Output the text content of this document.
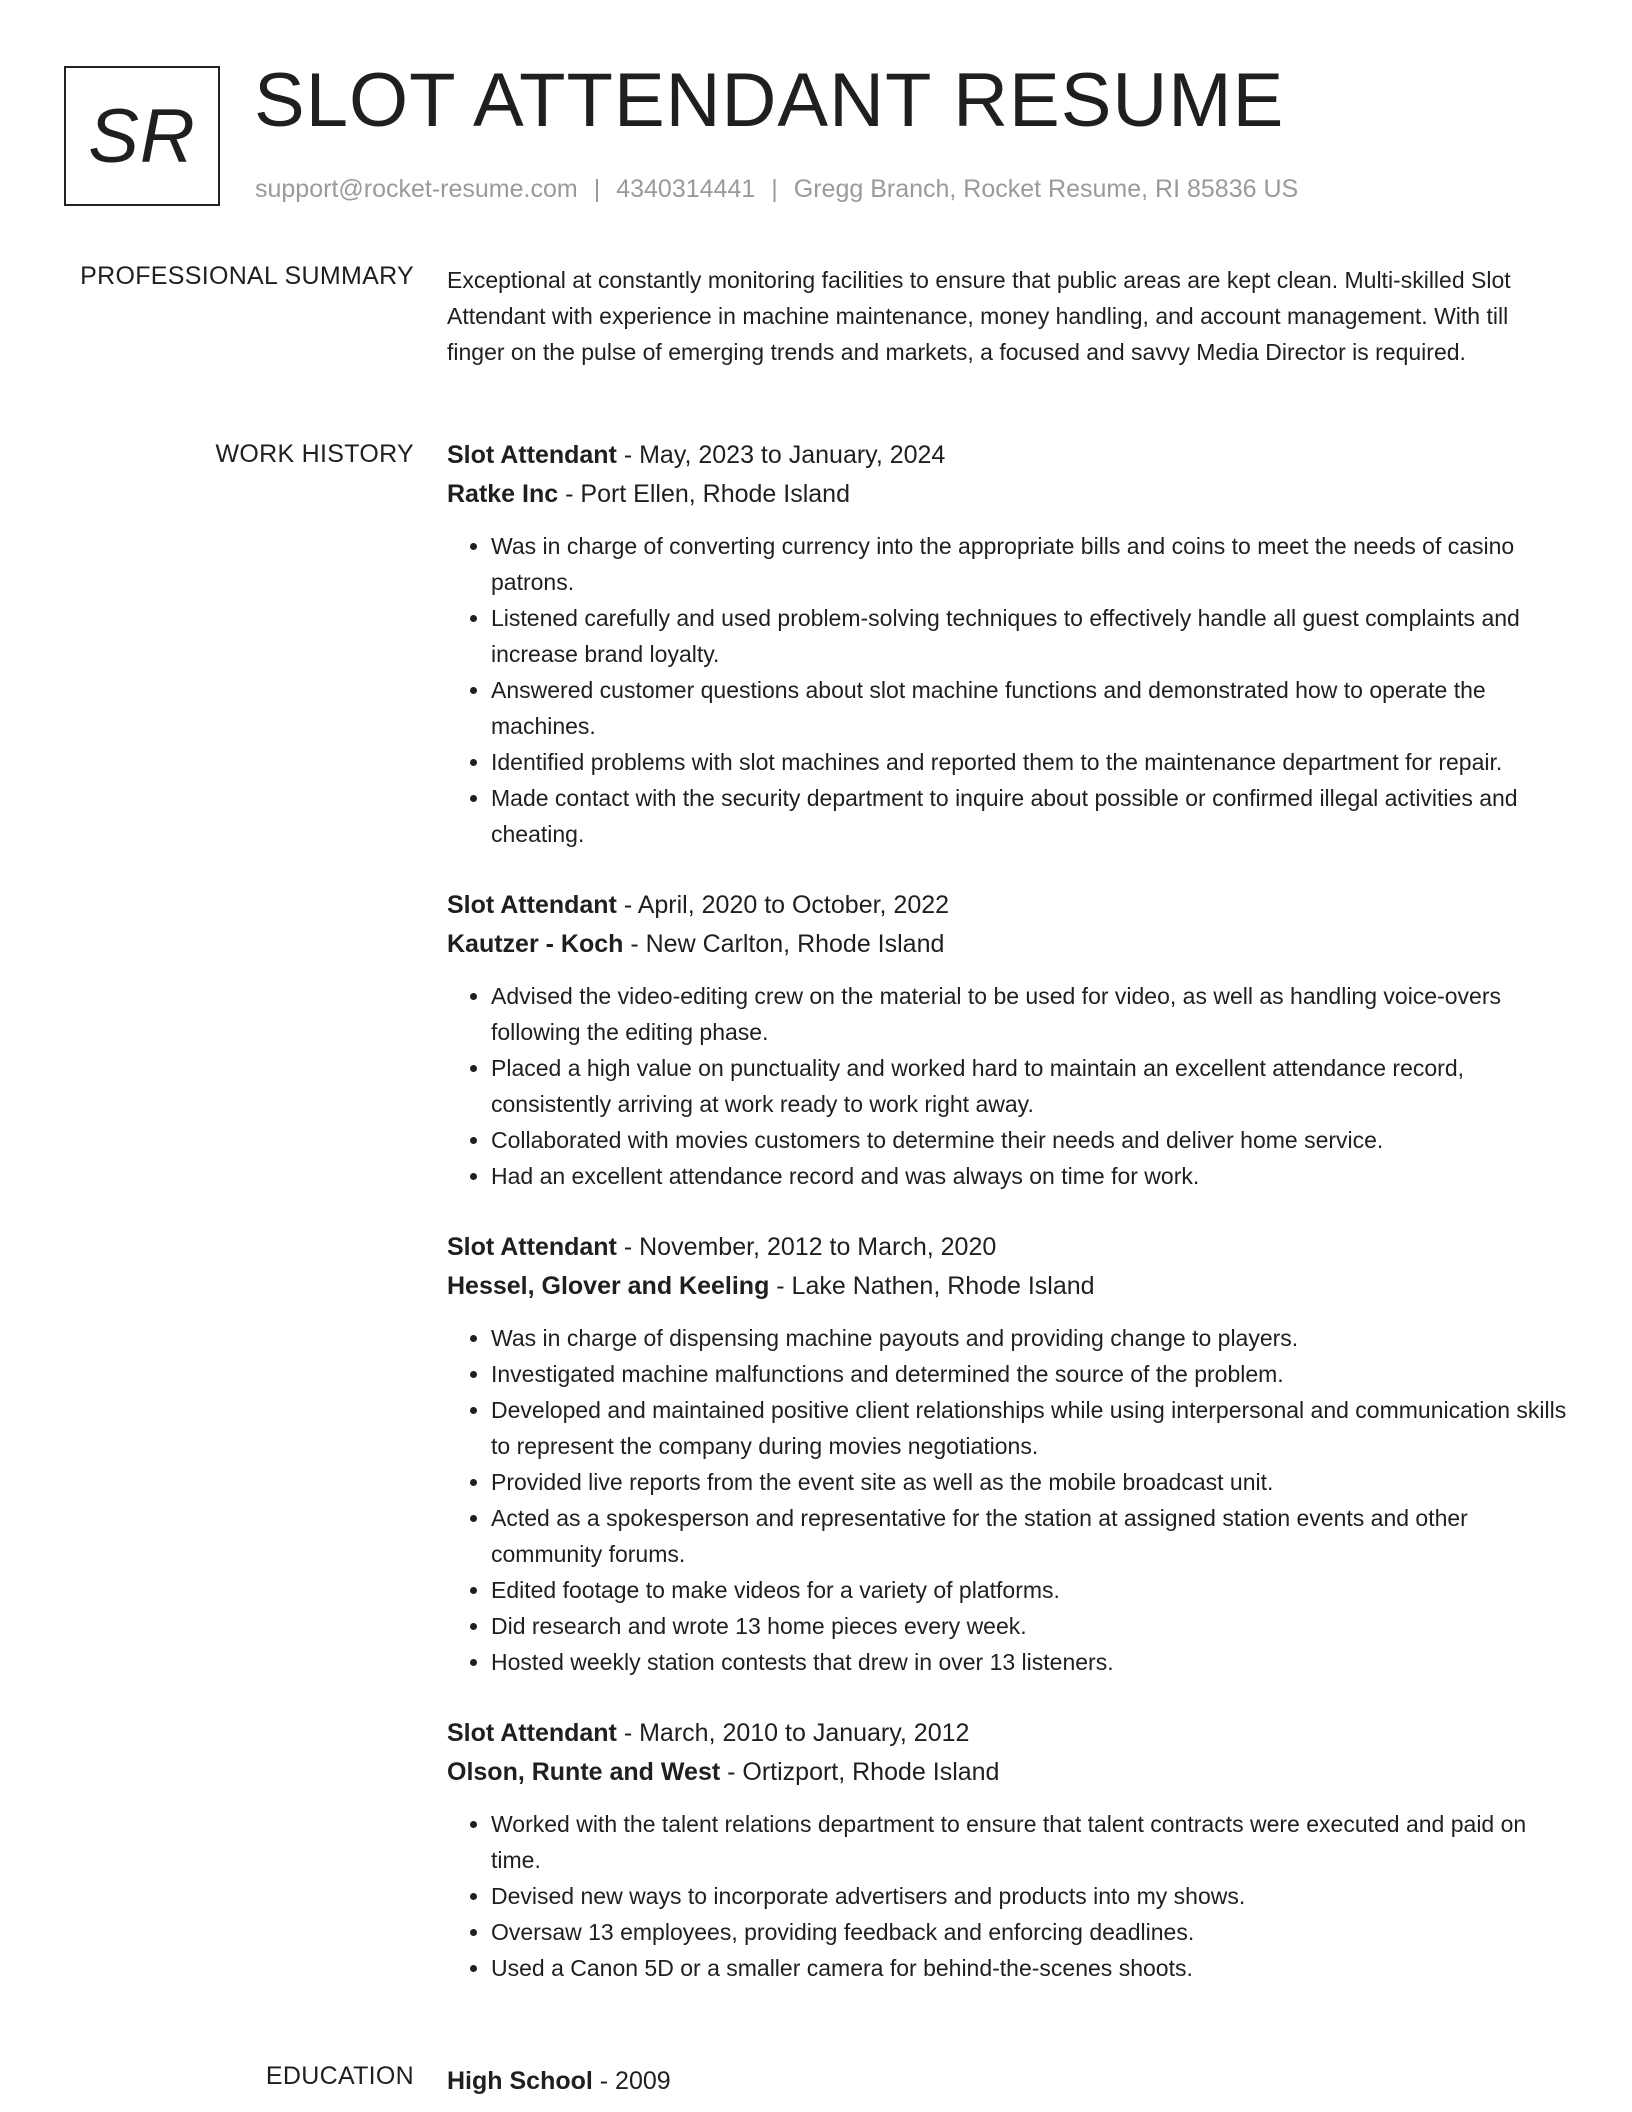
SR SLOT ATTENDANT RESUME
support@rocket-resume.com | 4340314441 | Gregg Branch, Rocket Resume, RI 85836 US
PROFESSIONAL SUMMARY Exceptional at constantly monitoring facilities to ensure that public areas are kept clean. Multi-skilled Slot Attendant with experience in machine maintenance, money handling, and account management. With till finger on the pulse of emerging trends and markets, a focused and savvy Media Director is required.

WORK HISTORY Slot Attendant - May, 2023 to January, 2024
Ratke Inc - Port Ellen, Rhode Island
• Was in charge of converting currency into the appropriate bills and coins to meet the needs of casino patrons.
• Listened carefully and used problem-solving techniques to effectively handle all guest complaints and increase brand loyalty.
• Answered customer questions about slot machine functions and demonstrated how to operate the machines.
• Identified problems with slot machines and reported them to the maintenance department for repair.
• Made contact with the security department to inquire about possible or confirmed illegal activities and cheating.
Slot Attendant - April, 2020 to October, 2022
Kautzer - Koch - New Carlton, Rhode Island
• Advised the video-editing crew on the material to be used for video, as well as handling voice-overs following the editing phase.
• Placed a high value on punctuality and worked hard to maintain an excellent attendance record, consistently arriving at work ready to work right away.
• Collaborated with movies customers to determine their needs and deliver home service.
• Had an excellent attendance record and was always on time for work.
Slot Attendant - November, 2012 to March, 2020
Hessel, Glover and Keeling - Lake Nathen, Rhode Island
• Was in charge of dispensing machine payouts and providing change to players.
• Investigated machine malfunctions and determined the source of the problem.
• Developed and maintained positive client relationships while using interpersonal and communication skills to represent the company during movies negotiations.
• Provided live reports from the event site as well as the mobile broadcast unit.
• Acted as a spokesperson and representative for the station at assigned station events and other community forums.
• Edited footage to make videos for a variety of platforms.
• Did research and wrote 13 home pieces every week.
• Hosted weekly station contests that drew in over 13 listeners.
Slot Attendant - March, 2010 to January, 2012
Olson, Runte and West - Ortizport, Rhode Island
• Worked with the talent relations department to ensure that talent contracts were executed and paid on time.
• Devised new ways to incorporate advertisers and products into my shows.
• Oversaw 13 employees, providing feedback and enforcing deadlines.
• Used a Canon 5D or a smaller camera for behind-the-scenes shoots.
EDUCATION High School - 2009
